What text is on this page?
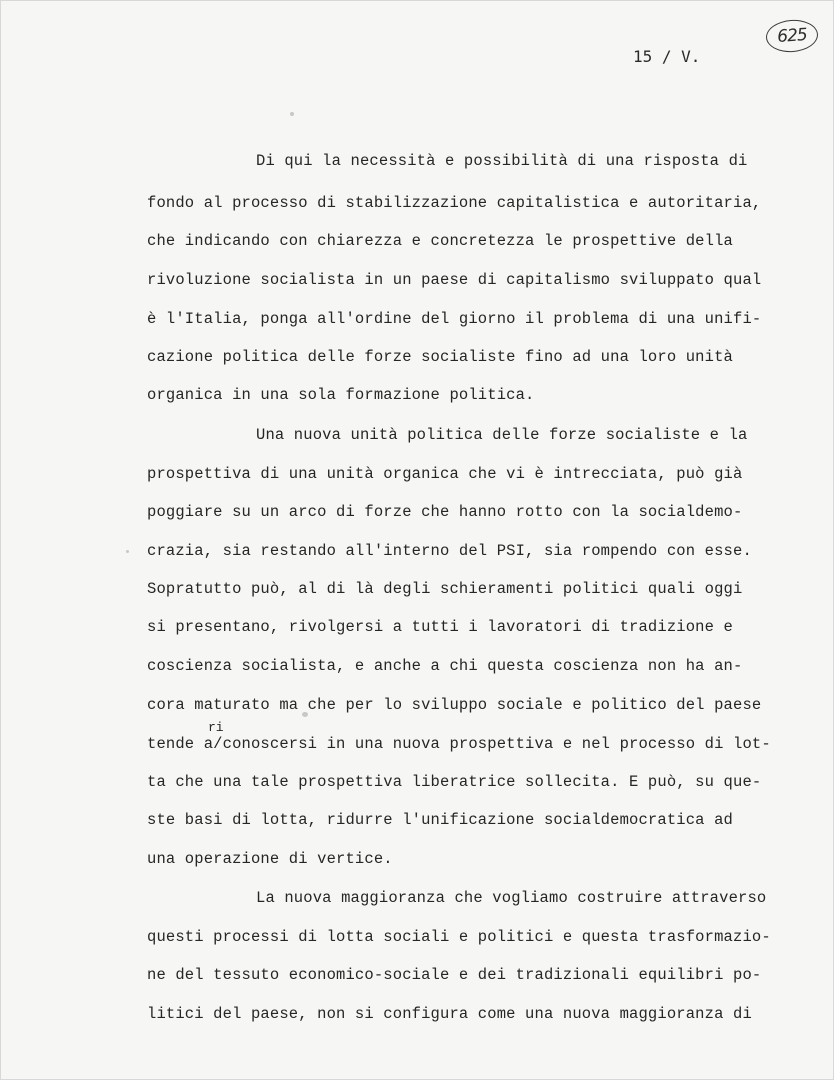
625
15 / V.
Di qui la necessità e possibilità di una risposta di
fondo al processo di stabilizzazione capitalistica e autoritaria,
che indicando con chiarezza e concretezza le prospettive della
rivoluzione socialista in un paese di capitalismo sviluppato qual
è l'Italia, ponga all'ordine del giorno il problema di una unifi-
cazione politica delle forze socialiste fino ad una loro unità
organica in una sola formazione politica.
Una nuova unità politica delle forze socialiste e la
prospettiva di una unità organica che vi è intrecciata, può già
poggiare su un arco di forze che hanno rotto con la socialdemo-
crazia, sia restando all'interno del PSI, sia rompendo con esse.
Sopratutto può, al di là degli schieramenti politici quali oggi
si presentano, rivolgersi a tutti i lavoratori di tradizione e
coscienza socialista, e anche a chi questa coscienza non ha an-
cora maturato ma che per lo sviluppo sociale e politico del paese
ri
tende a/conoscersi in una nuova prospettiva e nel processo di lot-
ta che una tale prospettiva liberatrice sollecita. E può, su que-
ste basi di lotta, ridurre l'unificazione socialdemocratica ad
una operazione di vertice.
La nuova maggioranza che vogliamo costruire attraverso
questi processi di lotta sociali e politici e questa trasformazio-
ne del tessuto economico-sociale e dei tradizionali equilibri po-
litici del paese, non si configura come una nuova maggioranza di
